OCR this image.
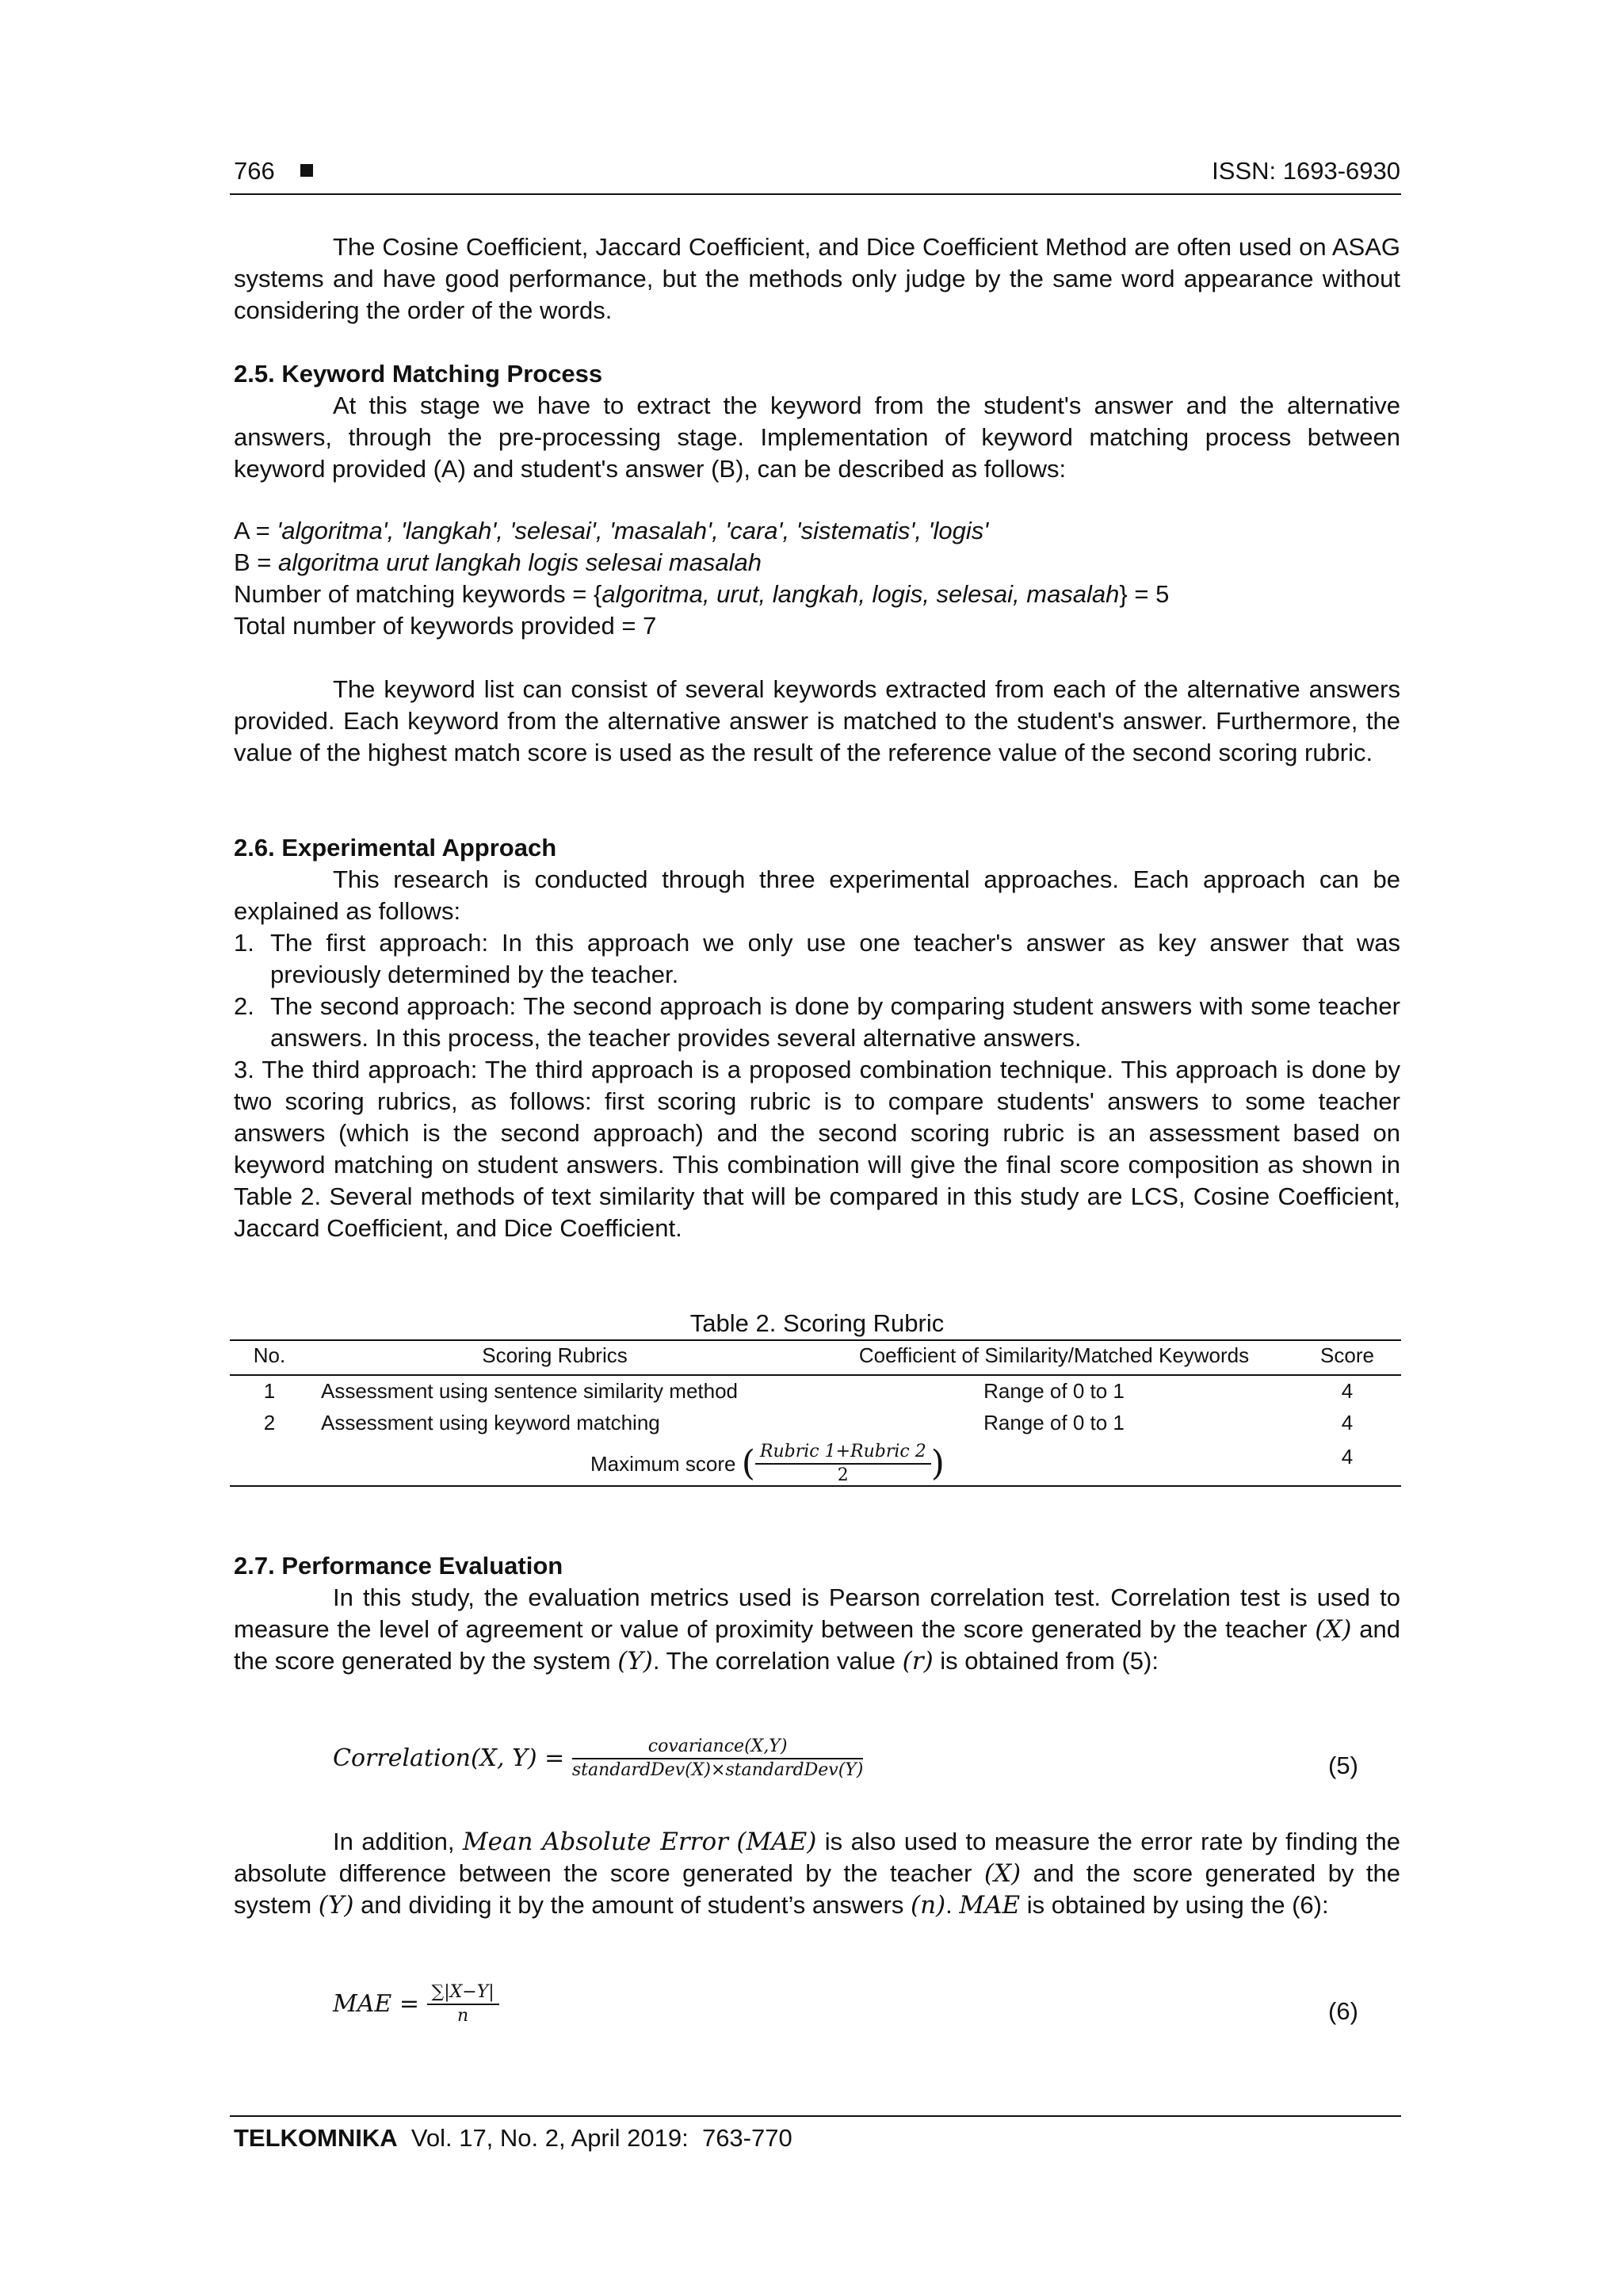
766	ISSN: 1693-6930

The Cosine Coefficient, Jaccard Coefficient, and Dice Coefficient Method are often used on ASAG systems and have good performance, but the methods only judge by the same word appearance without considering the order of the words.

2.5. Keyword Matching Process

At this stage we have to extract the keyword from the student's answer and the alternative answers, through the pre-processing stage. Implementation of keyword matching process between keyword provided (A) and student's answer (B), can be described as follows:

A = 'algoritma', 'langkah', 'selesai', 'masalah', 'cara', 'sistematis', 'logis'
B = algoritma urut langkah logis selesai masalah
Number of matching keywords = {algoritma, urut, langkah, logis, selesai, masalah} = 5
Total number of keywords provided = 7

The keyword list can consist of several keywords extracted from each of the alternative answers provided. Each keyword from the alternative answer is matched to the student's answer. Furthermore, the value of the highest match score is used as the result of the reference value of the second scoring rubric.

2.6. Experimental Approach

This research is conducted through three experimental approaches. Each approach can be explained as follows:

1. The first approach: In this approach we only use one teacher's answer as key answer that was previously determined by the teacher.
2. The second approach: The second approach is done by comparing student answers with some teacher answers. In this process, the teacher provides several alternative answers.

3. The third approach: The third approach is a proposed combination technique. This approach is done by two scoring rubrics, as follows: first scoring rubric is to compare students' answers to some teacher answers (which is the second approach) and the second scoring rubric is an assessment based on keyword matching on student answers. This combination will give the final score composition as shown in Table 2. Several methods of text similarity that will be compared in this study are LCS, Cosine Coefficient, Jaccard Coefficient, and Dice Coefficient.

Table 2. Scoring Rubric
No.	Scoring Rubrics	Coefficient of Similarity/Matched Keywords	Score
1	Assessment using sentence similarity method	Range of 0 to 1	4
2	Assessment using keyword matching	Range of 0 to 1	4
Maximum score ( $\frac{\text{Rubric 1+Rubric 2}}{2}$ )	4
2.7. Performance Evaluation

In this study, the evaluation metrics used is Pearson correlation test. Correlation test is used to measure the level of agreement or value of proximity between the score generated by the teacher (X) and the score generated by the system (Y). The correlation value (r) is obtained from (5):

Correlation(X, $Y) = \frac{\text{covariance(X,Y)}}{\text{standardDev(X)×standardDev(Y)}}$	(5)

In addition, Mean Absolute Error (MAE) is also used to measure the error rate by finding the absolute difference between the score generated by the teacher (X) and the score generated by the system (Y) and dividing it by the amount of student’s answers (n). MAE is obtained by using the (6):

MAE = $\frac{\sum|X-Y|}{n}$	(6)
TELKOMNIKA  Vol. 17, No. 2, April 2019:  763-770
